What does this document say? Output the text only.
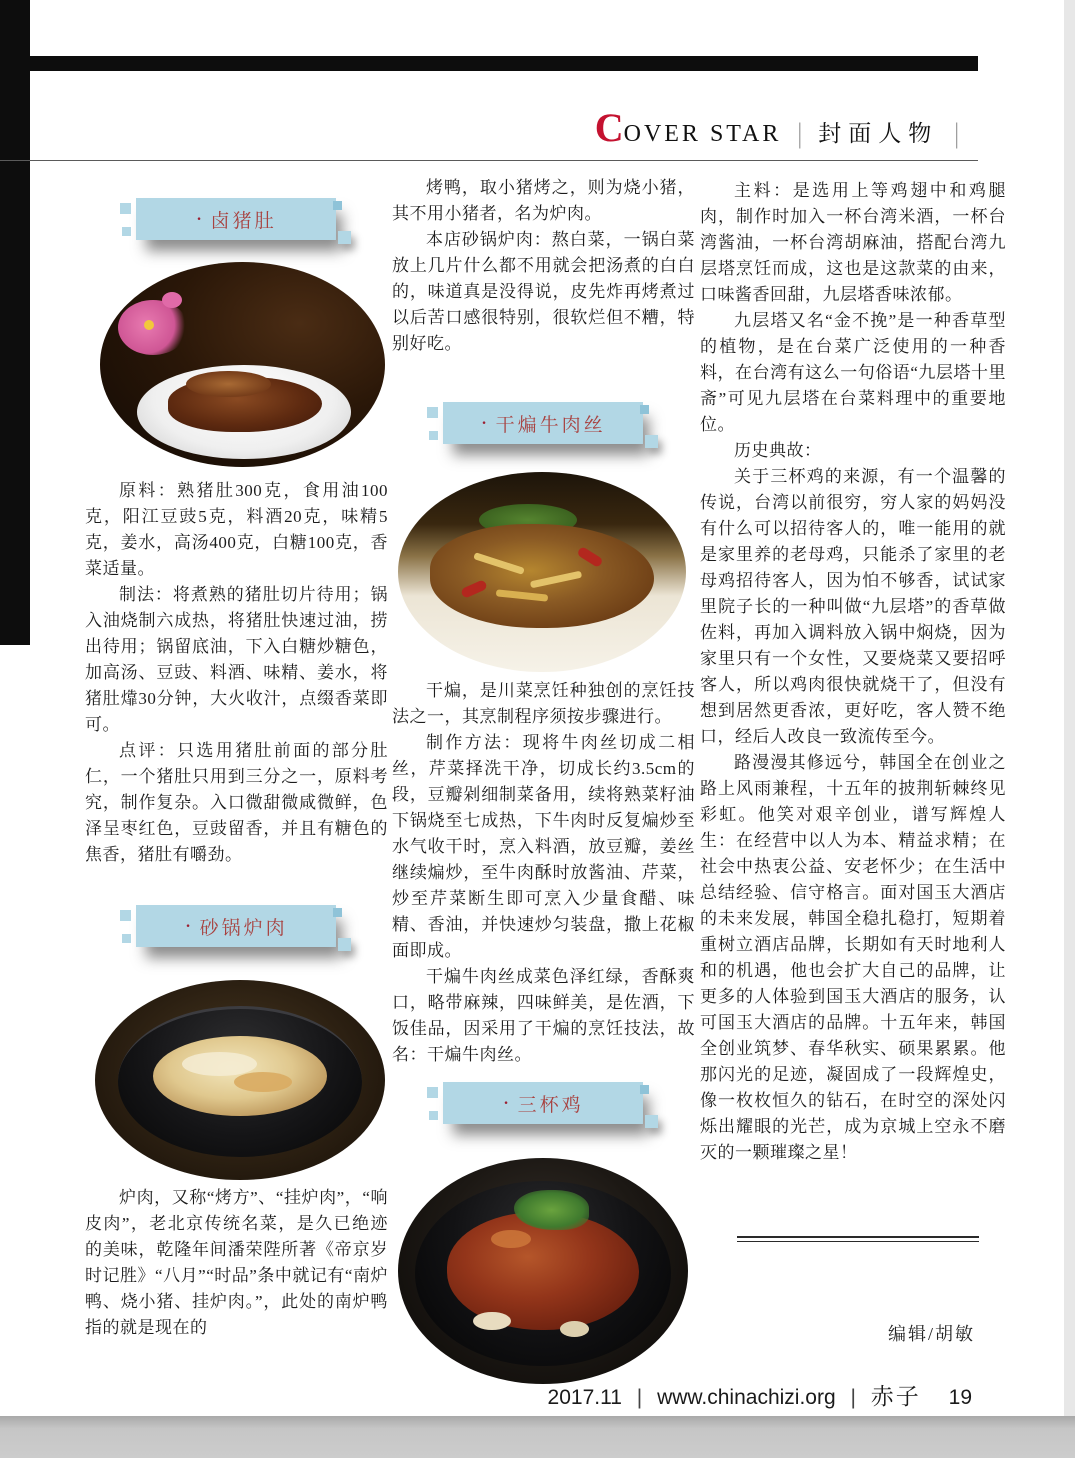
C OVER STAR | 封面人物 |
· 卤猪肚

原料：熟猪肚300克，食用油100克，阳江豆豉5克，料酒20克，味精5克，姜水，高汤400克，白糖100克，香菜适量。

制法：将煮熟的猪肚切片待用；锅入油烧制六成热，将猪肚快速过油，捞出待用；锅留底油，下入白糖炒糖色，加高汤、豆豉、料酒、味精、姜水，将猪肚㸆30分钟，大火收汁，点缀香菜即可。

点评：只选用猪肚前面的部分肚仁，一个猪肚只用到三分之一，原料考究，制作复杂。入口微甜微咸微鲜，色泽呈枣红色，豆豉留香，并且有糖色的焦香，猪肚有嚼劲。

· 砂锅炉肉

炉肉，又称“烤方”、“挂炉肉”，“响皮肉”，老北京传统名菜，是久已绝迹的美味，乾隆年间潘荣陛所著《帝京岁时记胜》“八月”“时品”条中就记有“南炉鸭、烧小猪、挂炉肉。”，此处的南炉鸭指的就是现在的

烤鸭，取小猪烤之，则为烧小猪，其不用小猪者，名为炉肉。

本店砂锅炉肉：熬白菜，一锅白菜放上几片什么都不用就会把汤煮的白白的，味道真是没得说，皮先炸再烤煮过以后苦口感很特别，很软烂但不糟，特别好吃。

· 干煸牛肉丝

干煸，是川菜烹饪种独创的烹饪技法之一，其烹制程序须按步骤进行。

制作方法：现将牛肉丝切成二相丝，芹菜择洗干净，切成长约3.5cm的段，豆瓣剁细制菜备用，续将熟菜籽油下锅烧至七成热，下牛肉时反复煸炒至水气收干时，烹入料酒，放豆瓣，姜丝继续煸炒，至牛肉酥时放酱油、芹菜，炒至芹菜断生即可烹入少量食醋、味精、香油，并快速炒匀装盘，撒上花椒面即成。

干煸牛肉丝成菜色泽红绿，香酥爽口，略带麻辣，四味鲜美，是佐酒，下饭佳品，因采用了干煸的烹饪技法，故名：干煸牛肉丝。

· 三杯鸡

主料：是选用上等鸡翅中和鸡腿肉，制作时加入一杯台湾米酒，一杯台湾酱油，一杯台湾胡麻油，搭配台湾九层塔烹饪而成，这也是这款菜的由来，口味酱香回甜，九层塔香味浓郁。

九层塔又名“金不挽”是一种香草型的植物，是在台菜广泛使用的一种香料，在台湾有这么一句俗语“九层塔十里斋”可见九层塔在台菜料理中的重要地位。

历史典故：

关于三杯鸡的来源，有一个温馨的传说，台湾以前很穷，穷人家的妈妈没有什么可以招待客人的，唯一能用的就是家里养的老母鸡，只能杀了家里的老母鸡招待客人，因为怕不够香，试试家里院子长的一种叫做“九层塔”的香草做佐料，再加入调料放入锅中焖烧，因为家里只有一个女性，又要烧菜又要招呼客人，所以鸡肉很快就烧干了，但没有想到居然更香浓，更好吃，客人赞不绝口，经后人改良一致流传至今。

路漫漫其修远兮，韩国全在创业之路上风雨兼程，十五年的披荆斩棘终见彩虹。他笑对艰辛创业，谱写辉煌人生：在经营中以人为本、精益求精；在社会中热衷公益、安老怀少；在生活中总结经验、信守格言。面对国玉大酒店的未来发展，韩国全稳扎稳打，短期着重树立酒店品牌，长期如有天时地利人和的机遇，他也会扩大自己的品牌，让更多的人体验到国玉大酒店的服务，认可国玉大酒店的品牌。十五年来，韩国全创业筑梦、春华秋实、硕果累累。他那闪光的足迹，凝固成了一段辉煌史，像一枚枚恒久的钻石，在时空的深处闪烁出耀眼的光芒，成为京城上空永不磨灭的一颗璀璨之星！

编辑/胡敏
2017.11 | www.chinachizi.org | 赤子 19
